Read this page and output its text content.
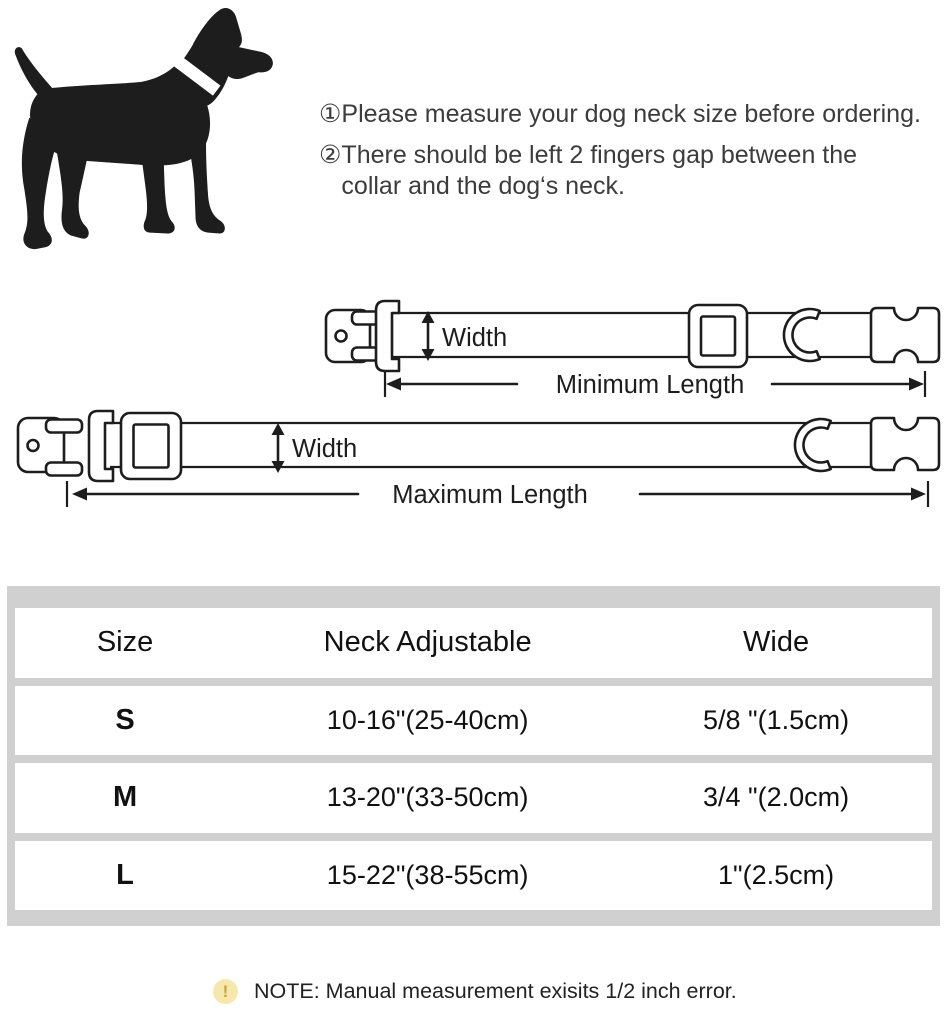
① Please measure your dog neck size before ordering.
② There should be left 2 fingers gap between the
collar and the dog‘s neck.
Width
Minimum Length
Width
Maximum Length
Size	Neck Adjustable	Wide
S	10-16"(25-40cm)	5/8 "(1.5cm)
M	13-20"(33-50cm)	3/4 "(2.0cm)
L	15-22"(38-55cm)	1"(2.5cm)
!	NOTE: Manual measurement exisits 1/2 inch error.
